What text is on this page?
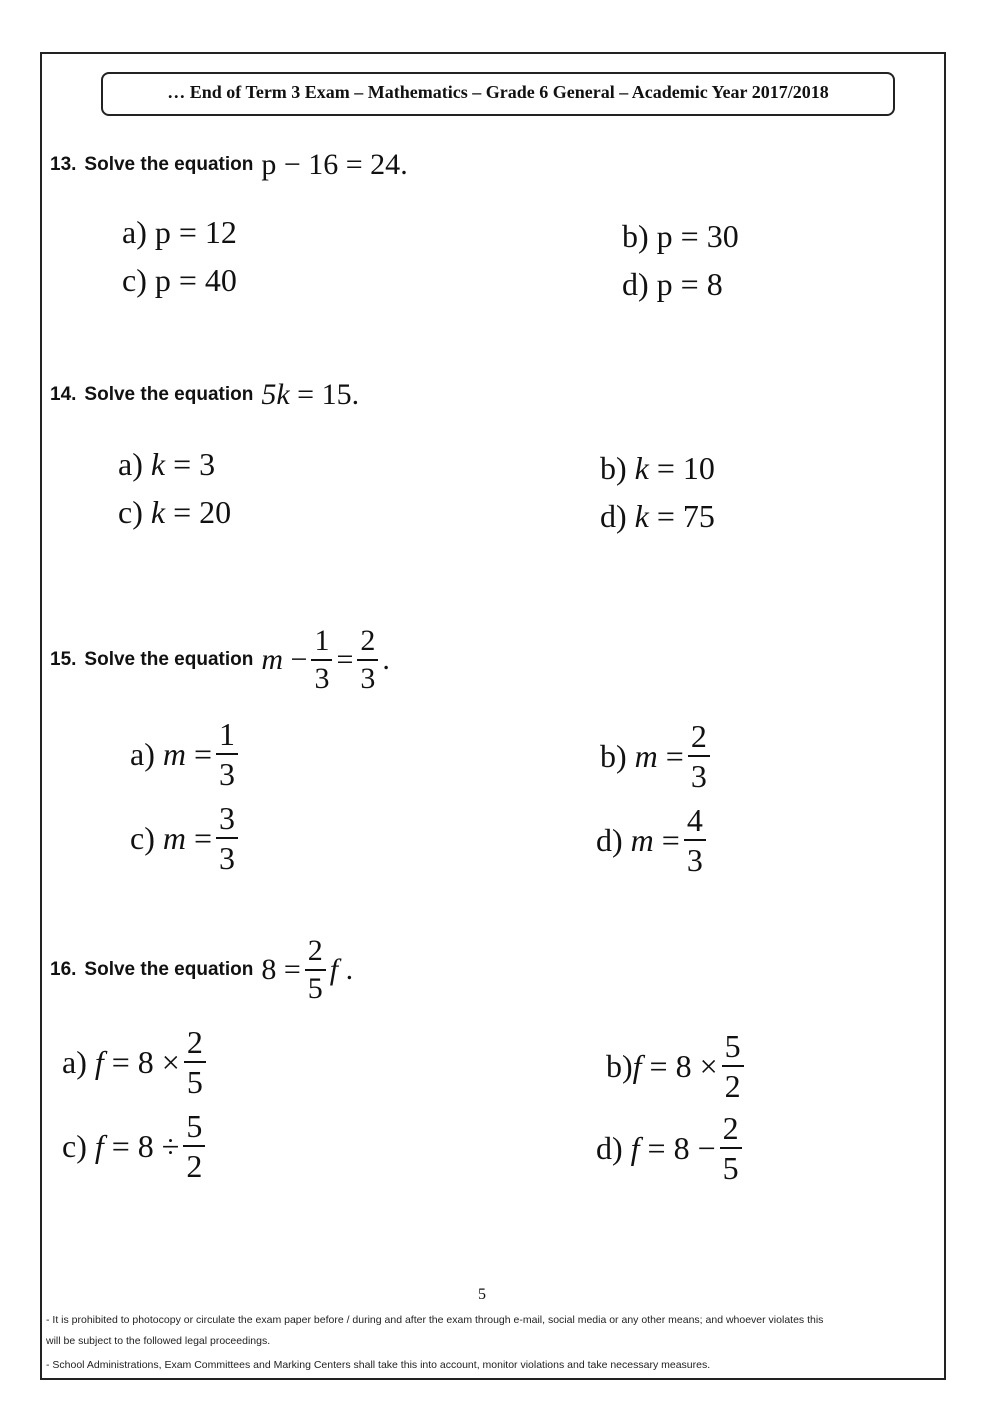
… End of Term 3 Exam – Mathematics – Grade 6 General – Academic Year 2017/2018
13. Solve the equation p − 16 = 24 .
a) p = 12	b) p = 30
c) p = 40	d) p = 8
14. Solve the equation 5k
= 15 .
a)
k
= 3	b)
k
= 10
c)
k
= 20	d)
k
= 75
15. Solve the equation m
− $\frac{1}{3} = \frac{2}{3}$ .
a)
m
= $\frac{1}{3}$	b)
m
= $\frac{2}{3}$
c)
m
= $\frac{3}{3}$	d)
m
= $\frac{4}{3}$
16. Solve the equation $8 = \frac{2}{5}$ f
.
a)
f
= $8 \times \frac{2}{5}$	b) f
= $8 \times \frac{5}{2}$
c)
f
= $8 \div \frac{5}{2}$	d)
f
= $8 - \frac{2}{5}$
5
- It is prohibited to photocopy or circulate the exam paper before / during and after the exam through e-mail, social media or any other means; and whoever violates this
will be subject to the followed legal proceedings.
- School Administrations, Exam Committees and Marking Centers shall take this into account, monitor violations and take necessary measures.
